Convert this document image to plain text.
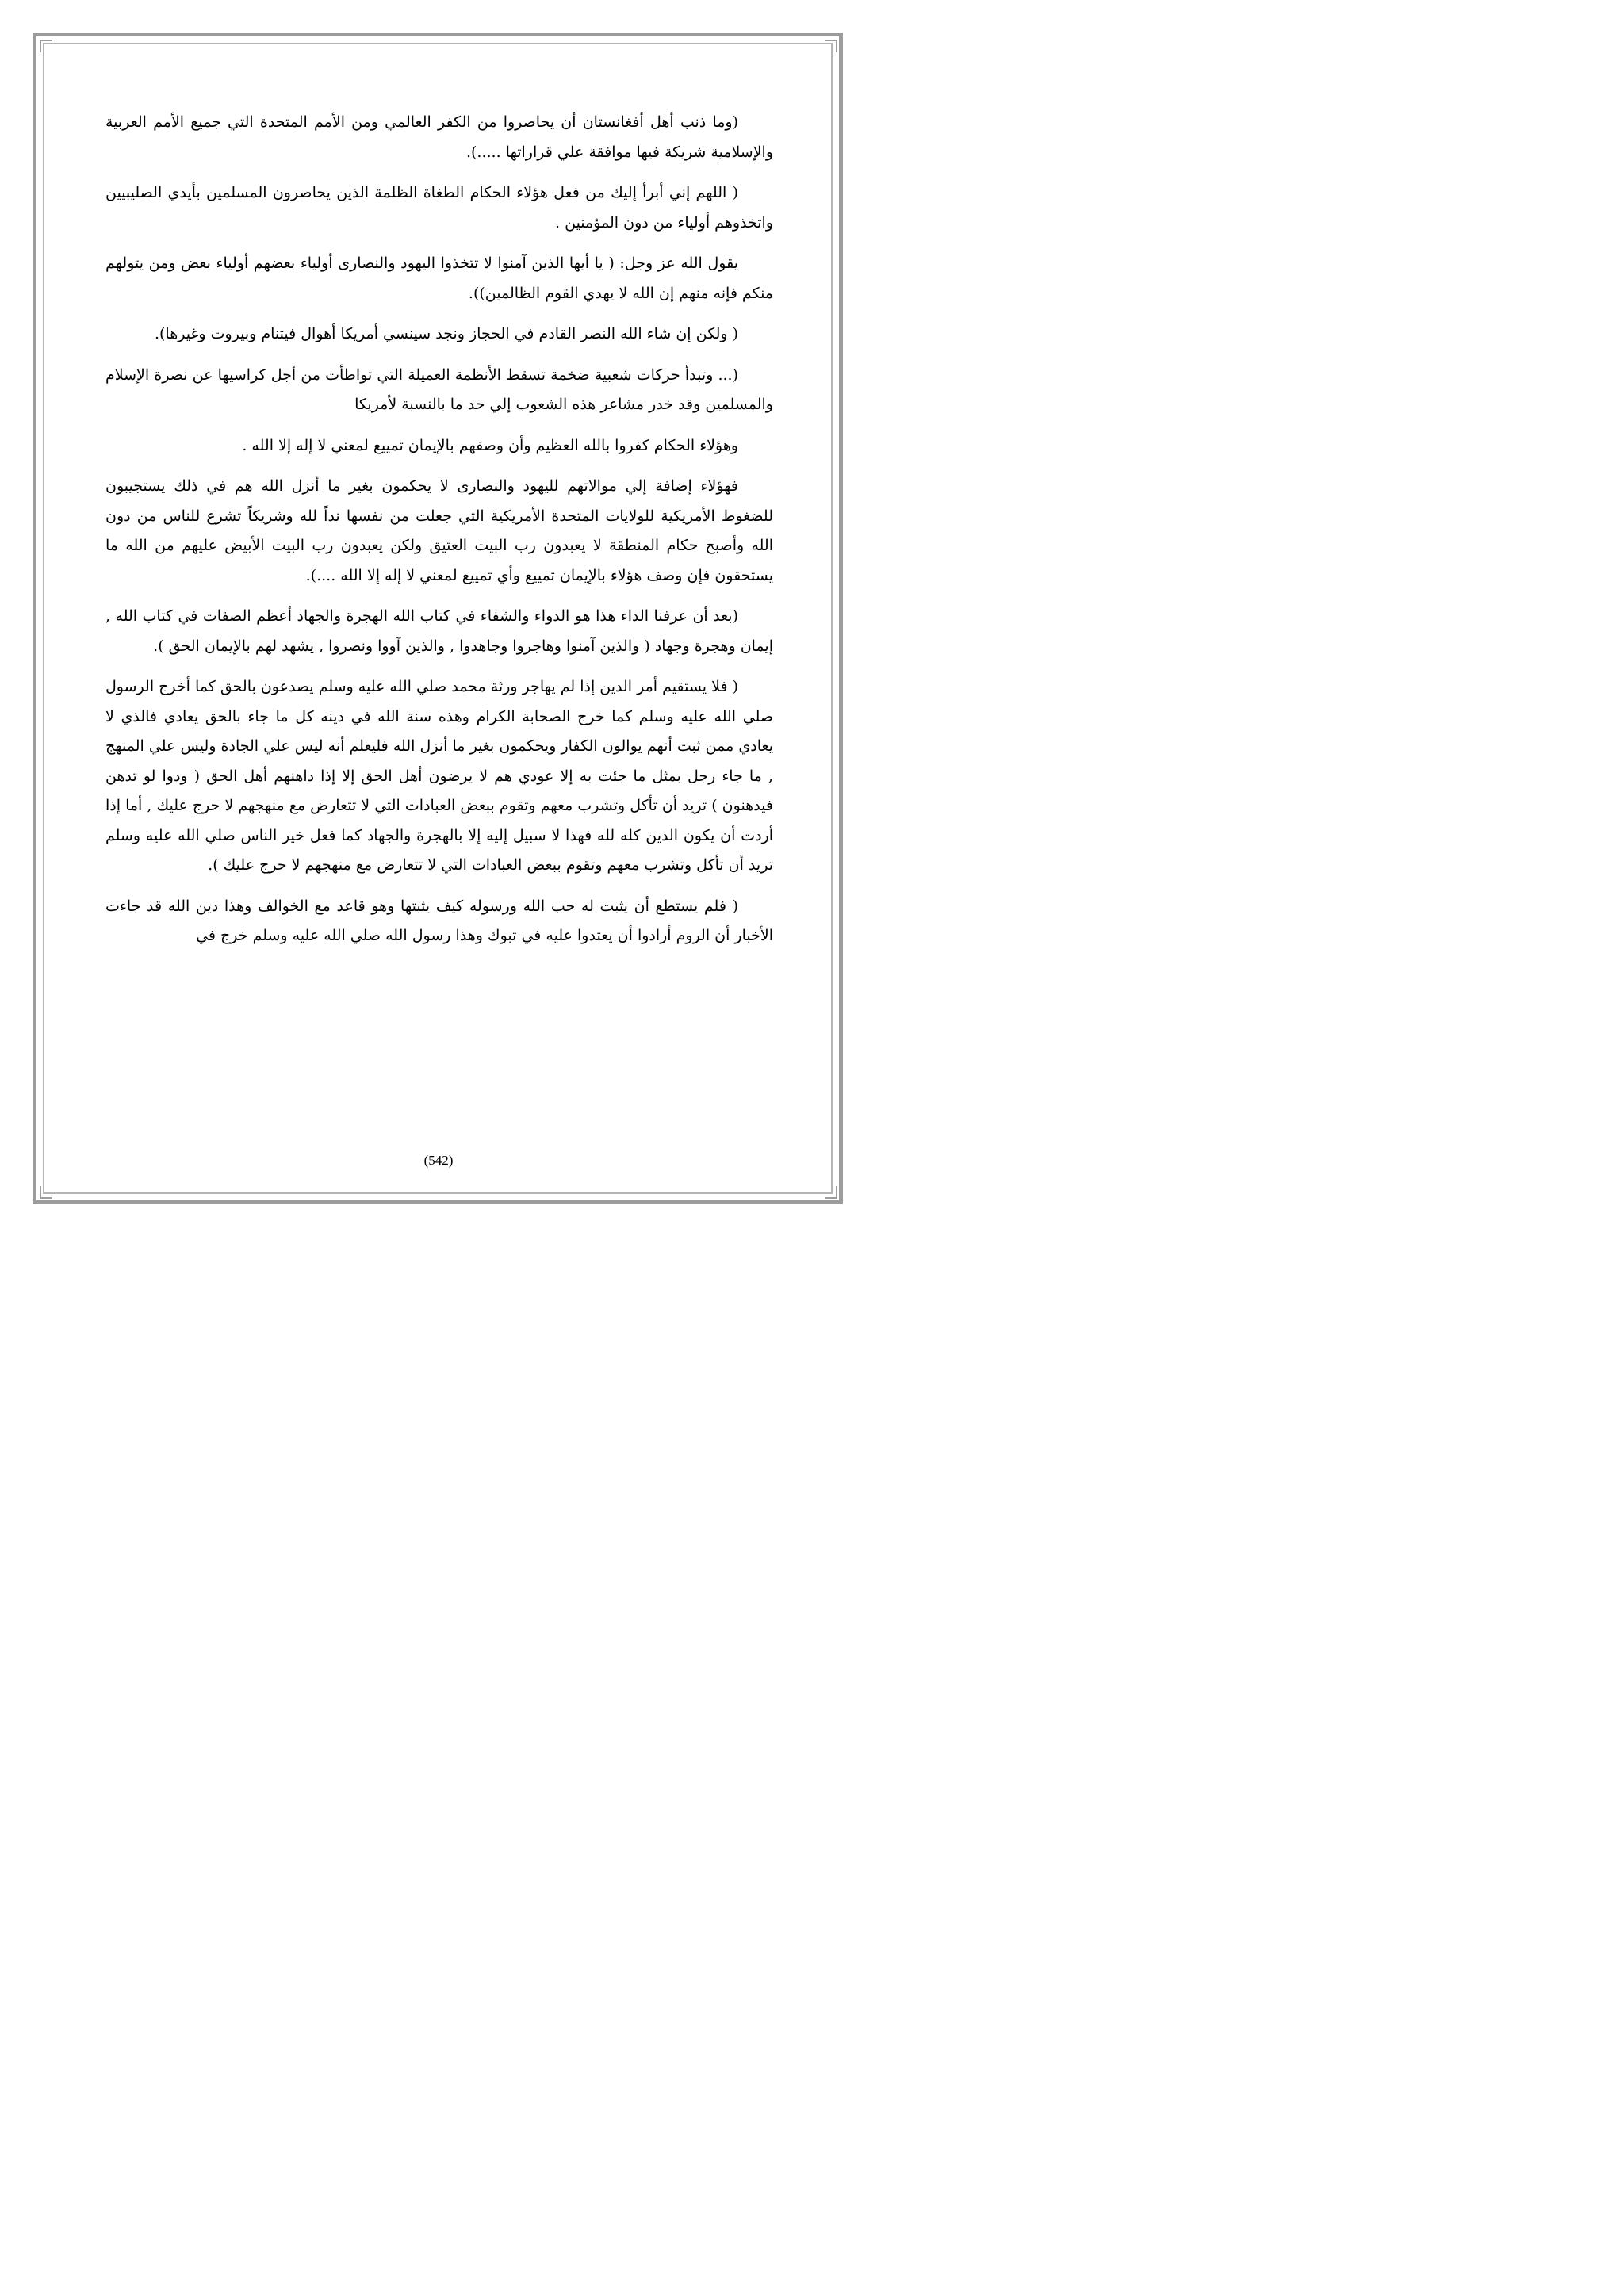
(وما ذنب أهل أفغانستان أن يحاصروا من الكفر العالمي ومن الأمم المتحدة التي جميع الأمم العربية والإسلامية شريكة فيها موافقة علي قراراتها .....).

( اللهم إني أبرأ إليك من فعل هؤلاء الحكام الطغاة الظلمة الذين يحاصرون المسلمين بأيدي الصليبيين واتخذوهم أولياء من دون المؤمنين .

يقول الله عز وجل: ( يا أيها الذين آمنوا لا تتخذوا اليهود والنصارى أولياء بعضهم أولياء بعض ومن يتولهم منكم فإنه منهم إن الله لا يهدي القوم الظالمين)).

( ولكن إن شاء الله النصر القادم في الحجاز ونجد سينسي أمريكا أهوال فيتنام وبيروت وغيرها).

(... وتبدأ حركات شعبية ضخمة تسقط الأنظمة العميلة التي تواطأت من أجل كراسيها عن نصرة الإسلام والمسلمين وقد خدر مشاعر هذه الشعوب إلي حد ما بالنسبة لأمريكا

وهؤلاء الحكام كفروا بالله العظيم وأن وصفهم بالإيمان تمييع لمعني لا إله إلا الله .

فهؤلاء إضافة إلي موالاتهم لليهود والنصارى لا يحكمون بغير ما أنزل الله هم في ذلك يستجيبون للضغوط الأمريكية للولايات المتحدة الأمريكية التي جعلت من نفسها نداً لله وشريكاً تشرع للناس من دون الله وأصبح حكام المنطقة لا يعبدون رب البيت العتيق ولكن يعبدون رب البيت الأبيض عليهم من الله ما يستحقون فإن وصف هؤلاء بالإيمان تمييع وأي تمييع لمعني لا إله إلا الله ....).

(بعد أن عرفنا الداء هذا هو الدواء والشفاء في كتاب الله الهجرة والجهاد أعظم الصفات في كتاب الله , إيمان وهجرة وجهاد ( والذين آمنوا وهاجروا وجاهدوا , والذين آووا ونصروا , يشهد لهم بالإيمان الحق ).

( فلا يستقيم أمر الدين إذا لم يهاجر ورثة محمد صلي الله عليه وسلم يصدعون بالحق كما أخرج الرسول صلي الله عليه وسلم كما خرج الصحابة الكرام وهذه سنة الله في دينه كل ما جاء بالحق يعادي فالذي لا يعادي ممن ثبت أنهم يوالون الكفار ويحكمون بغير ما أنزل الله فليعلم أنه ليس علي الجادة وليس علي المنهج , ما جاء رجل بمثل ما جئت به إلا عودي هم لا يرضون أهل الحق إلا إذا داهنهم أهل الحق ( ودوا لو تدهن فيدهنون ) تريد أن تأكل وتشرب معهم وتقوم ببعض العبادات التي لا تتعارض مع منهجهم لا حرج عليك , أما إذا أردت أن يكون الدين كله لله فهذا لا سبيل إليه إلا بالهجرة والجهاد كما فعل خير الناس صلي الله عليه وسلم تريد أن تأكل وتشرب معهم وتقوم ببعض العبادات التي لا تتعارض مع منهجهم لا حرج عليك ).

( فلم يستطع أن يثبت له حب الله ورسوله كيف يثبتها وهو قاعد مع الخوالف وهذا دين الله قد جاءت الأخبار أن الروم أرادوا أن يعتدوا عليه في تبوك وهذا رسول الله صلي الله عليه وسلم خرج في

(542)
